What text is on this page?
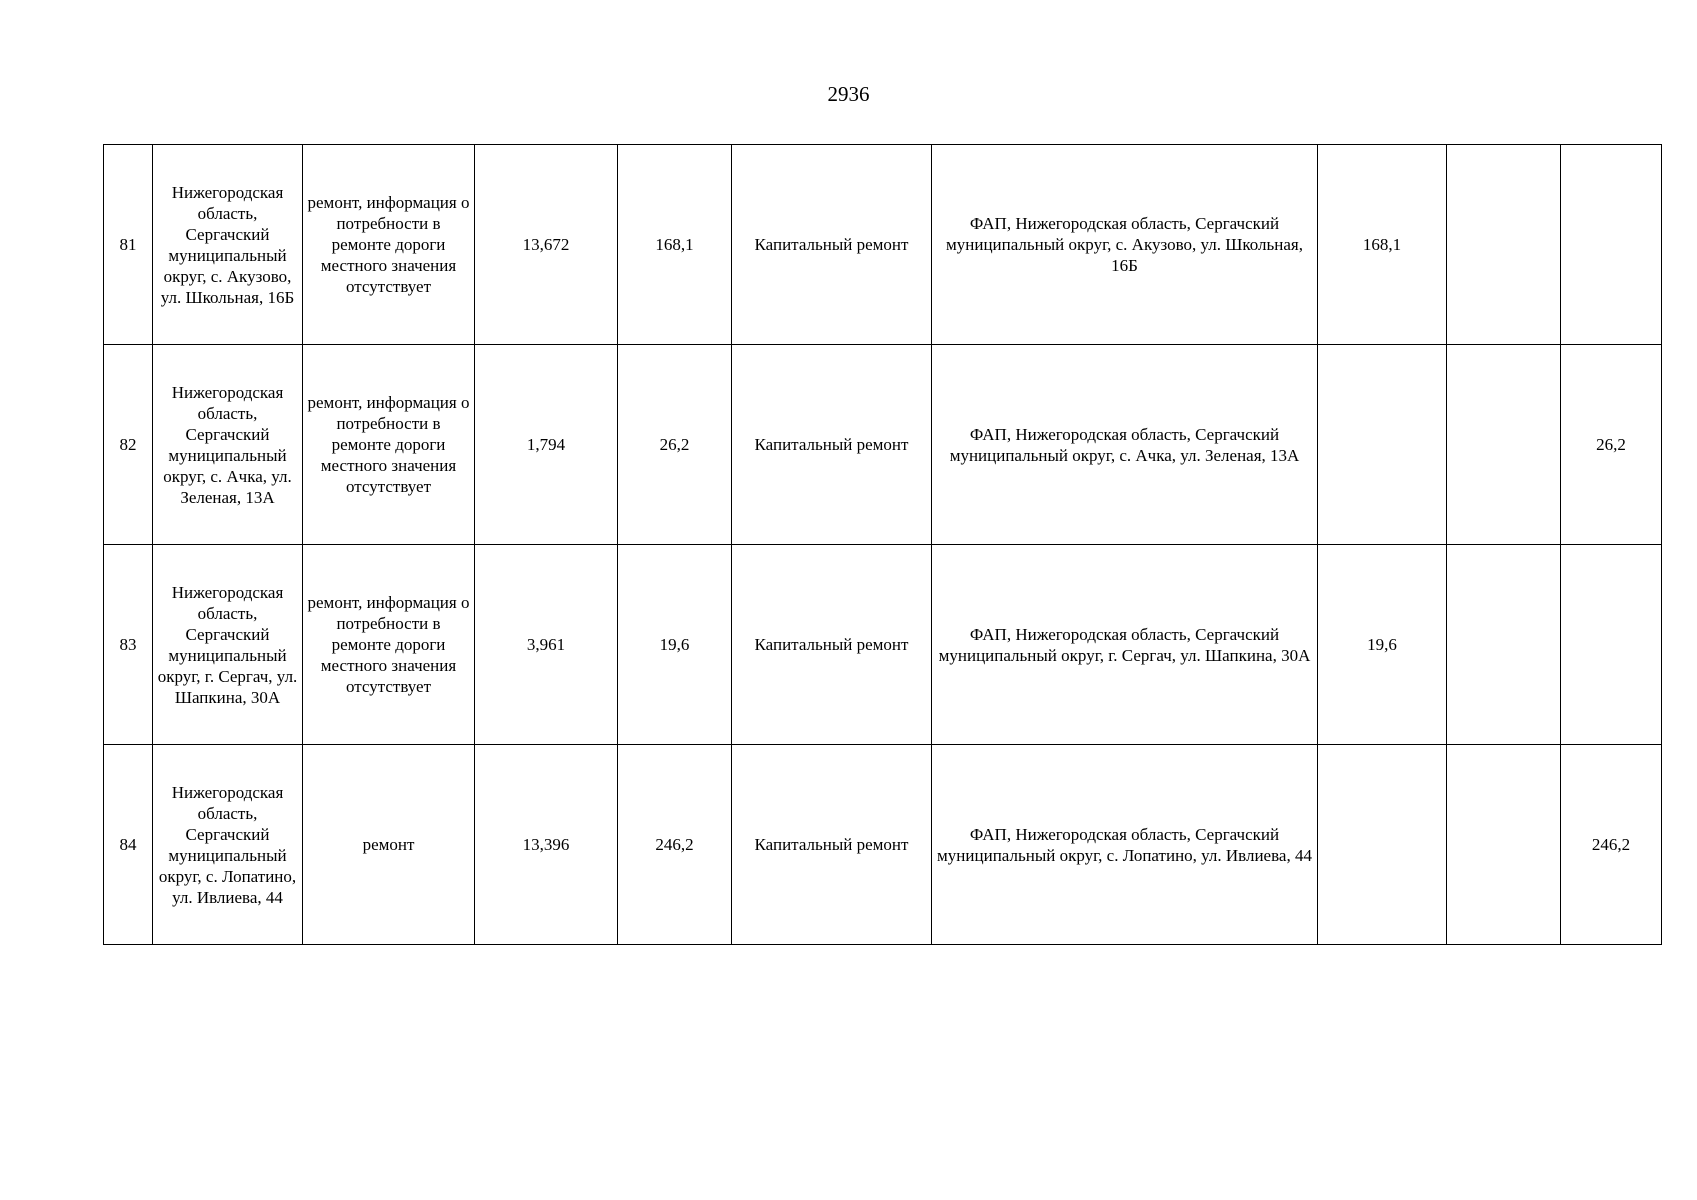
2936
81	Нижегородская область, Сергачский муниципальный округ, с. Акузово, ул. Школьная, 16Б	ремонт, информация о потребности в ремонте дороги местного значения отсутствует	13,672	168,1	Капитальный ремонт	ФАП, Нижегородская область, Сергачский муниципальный округ, с. Акузово, ул. Школьная, 16Б	168,1		
82	Нижегородская область, Сергачский муниципальный округ, с. Ачка, ул. Зеленая, 13А	ремонт, информация о потребности в ремонте дороги местного значения отсутствует	1,794	26,2	Капитальный ремонт	ФАП, Нижегородская область, Сергачский муниципальный округ, с. Ачка, ул. Зеленая, 13А			26,2
83	Нижегородская область, Сергачский муниципальный округ, г. Сергач, ул. Шапкина, 30А	ремонт, информация о потребности в ремонте дороги местного значения отсутствует	3,961	19,6	Капитальный ремонт	ФАП, Нижегородская область, Сергачский муниципальный округ, г. Сергач, ул. Шапкина, 30А	19,6		
84	Нижегородская область, Сергачский муниципальный округ, с. Лопатино, ул. Ивлиева, 44	ремонт	13,396	246,2	Капитальный ремонт	ФАП, Нижегородская область, Сергачский муниципальный округ, с. Лопатино, ул. Ивлиева, 44			246,2
